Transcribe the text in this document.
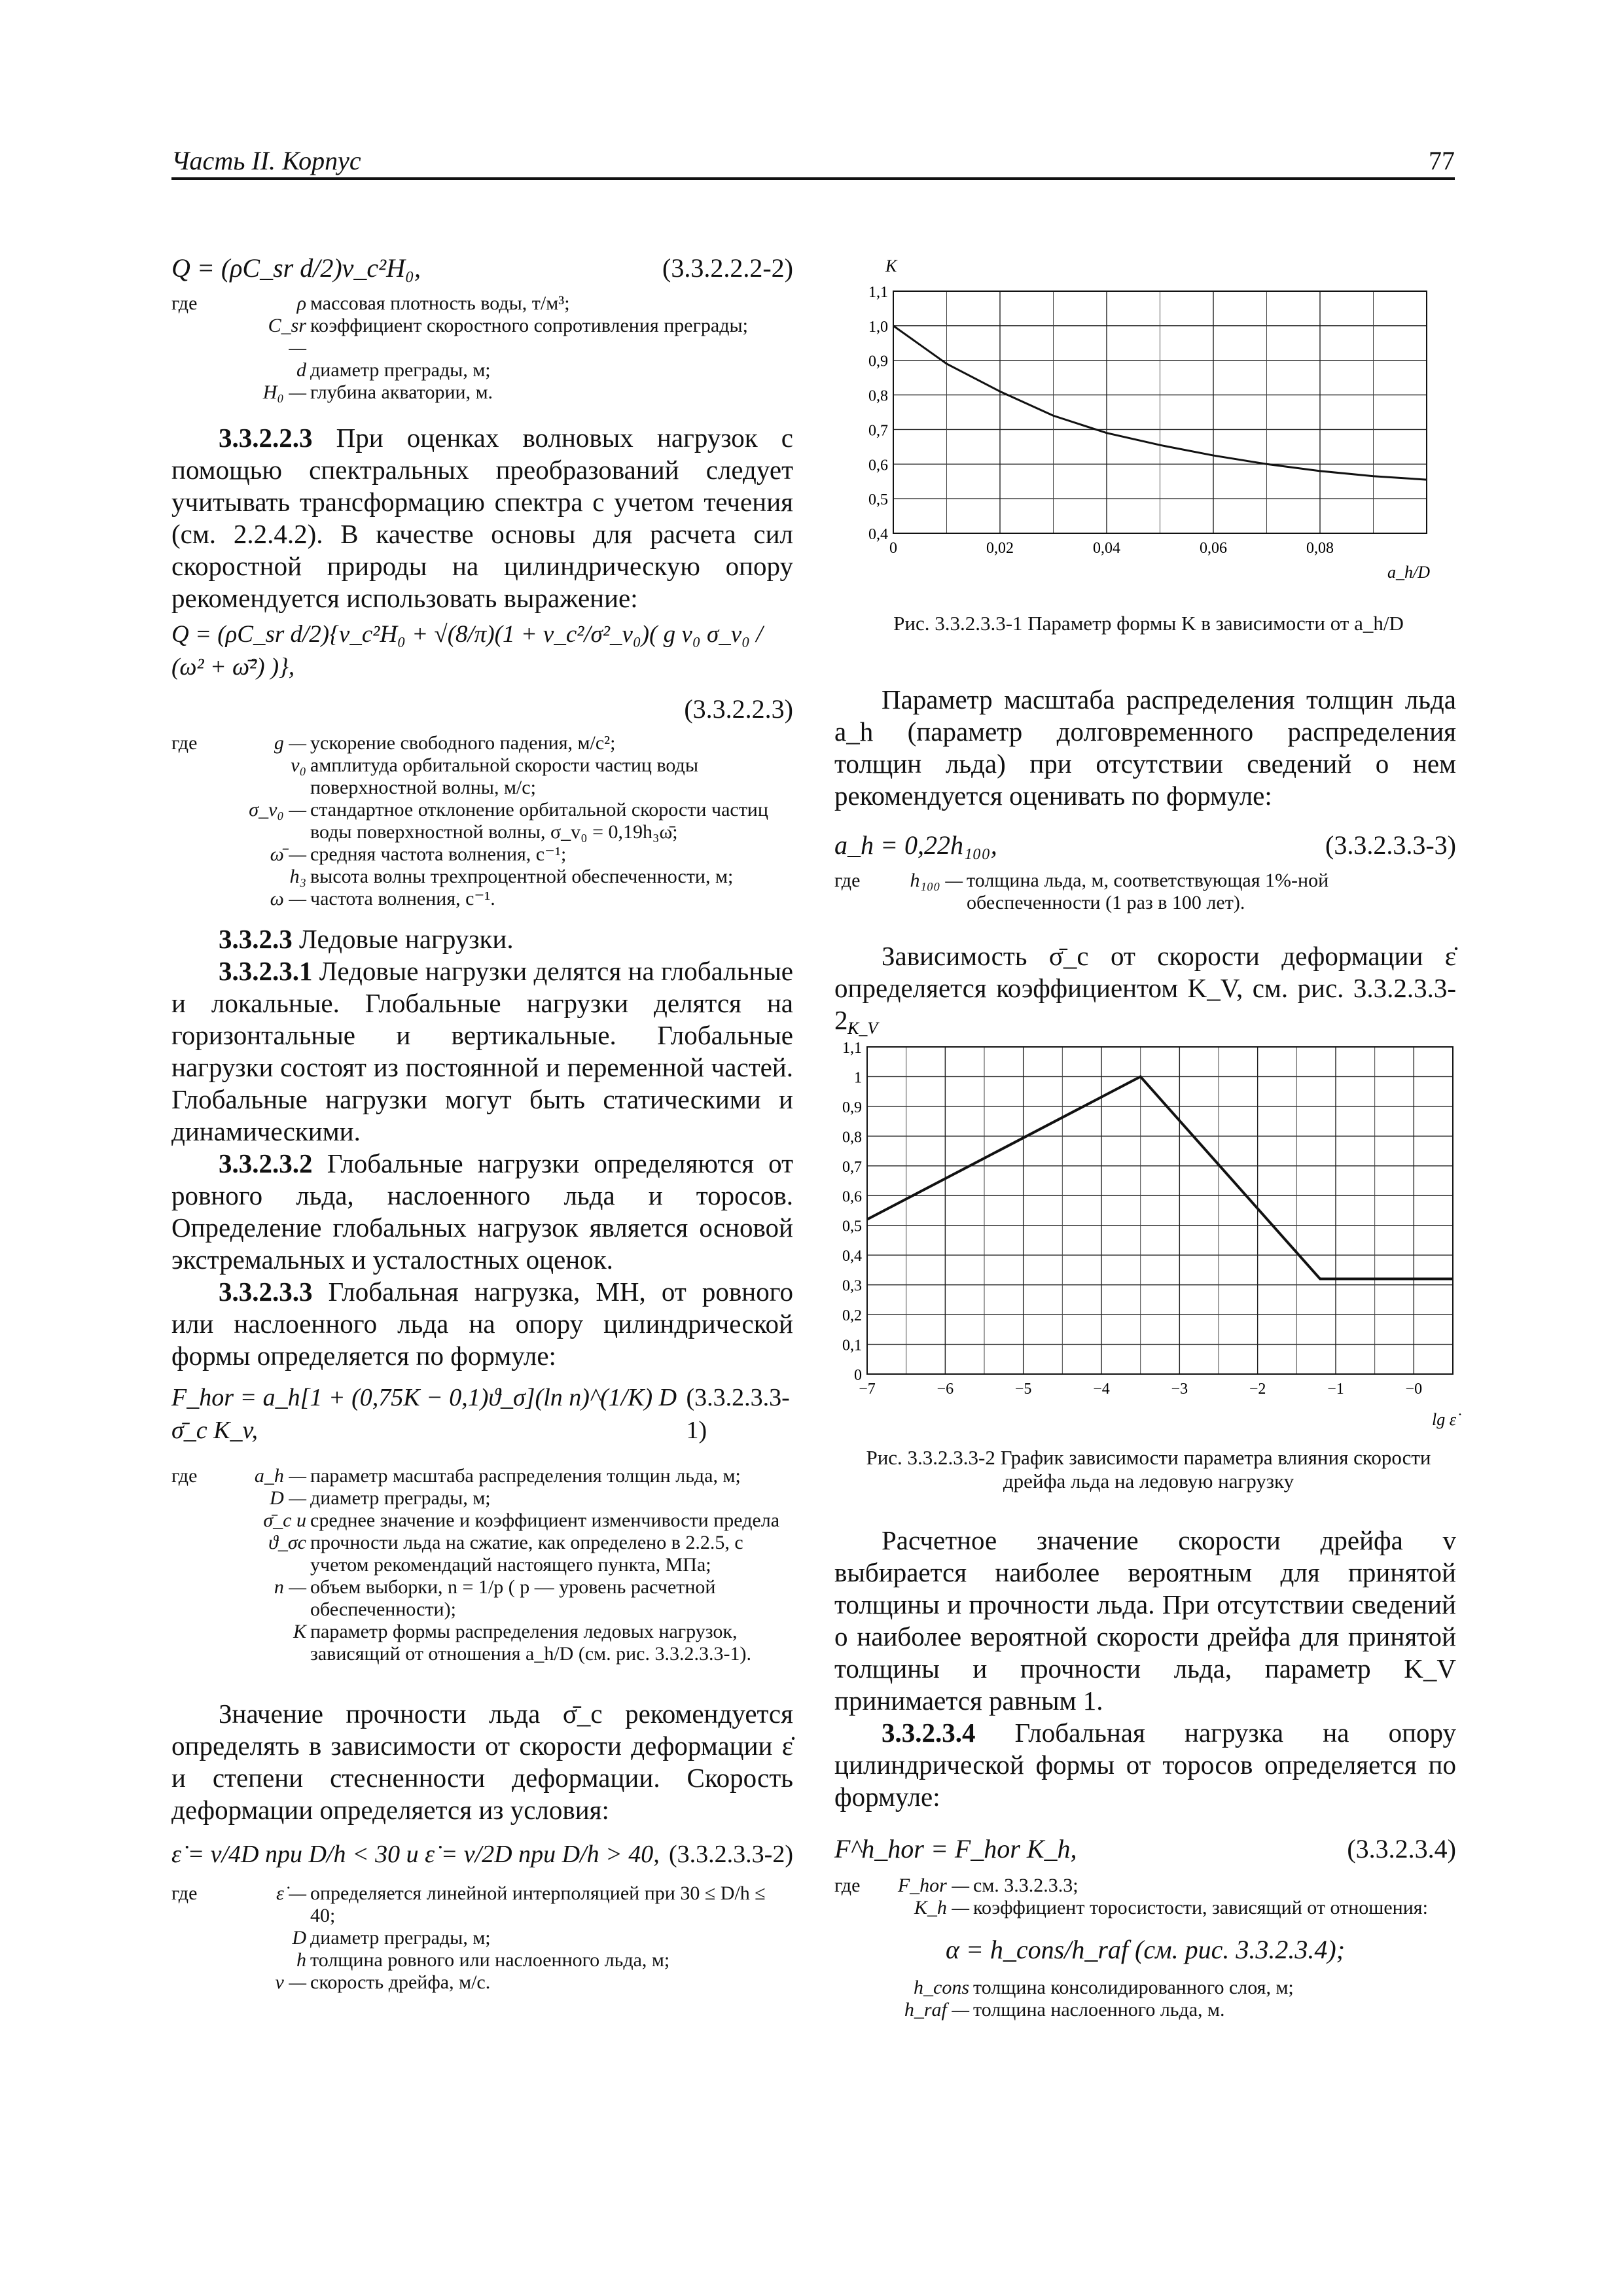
Часть II. Корпус	77
Q = (ρC_sr d/2)v_c²H₀,	(3.3.2.2.2-2)
где	ρ массовая плотность воды, т/м³;
C_sr —
коэффициент скоростного сопротивления преграды;
d диаметр преграды, м;
H₀ — глубина акватории, м.

3.3.2.2.3 При оценках волновых нагрузок с помощью спектральных преобразований следует учитывать трансформацию спектра с учетом течения (см. 2.2.4.2). В качестве основы для расчета сил скоростной природы на цилиндрическую опору рекомендуется использовать выражение:

Q = (ρC_sr d/2){v_c²H₀ + √(8/π)(1 + v_c²/σ²_v₀)( g v₀ σ_v₀ / (ω² + ω̄²) )},
(3.3.2.2.3)
где	g — ускорение свободного падения, м/с²;
v₀ амплитуда орбитальной скорости частиц воды поверхностной волны, м/с;
σ_v₀ — стандартное отклонение орбитальной скорости частиц воды поверхностной волны, σ_v₀ = 0,19h₃ω̄;
ω̄ — средняя частота волнения, с⁻¹;
h₃ высота волны трехпроцентной обеспеченности, м;
ω — частота волнения, с⁻¹.

3.3.2.3 Ледовые нагрузки.

3.3.2.3.1 Ледовые нагрузки делятся на глобальные и локальные. Глобальные нагрузки делятся на горизонтальные и вертикальные. Глобальные нагрузки состоят из постоянной и переменной частей. Глобальные нагрузки могут быть статическими и динамическими.

3.3.2.3.2 Глобальные нагрузки определяются от ровного льда, наслоенного льда и торосов. Определение глобальных нагрузок является основой экстремальных и усталостных оценок.

3.3.2.3.3 Глобальная нагрузка, МН, от ровного или наслоенного льда на опору цилиндрической формы определяется по формуле:

F_hor = a_h[1 + (0,75K − 0,1)ϑ_σ](ln n)^(1/K) D σ̄_c K_v,
(3.3.2.3.3-1)
где	a_h — параметр масштаба распределения толщин льда, м;
D — диаметр преграды, м;
σ̄_c и ϑ_σc
среднее значение и коэффициент изменчивости предела прочности льда на сжатие, как определено в 2.2.5, с учетом рекомендаций настоящего пункта, МПа;
n — объем выборки, n = 1/p ( p — уровень расчетной обеспеченности);
K параметр формы распределения ледовых нагрузок, зависящий от отношения a_h/D (см. рис. 3.3.2.3.3-1).

Значение прочности льда σ̄_c рекомендуется определять в зависимости от скорости деформации ε̇ и степени стесненности деформации. Скорость деформации определяется из условия:

ε̇ = v/4D при D/h < 30 и ε̇ = v/2D при D/h > 40, (3.3.2.3.3-2)
где	ε̇ — определяется линейной интерполяцией при 30 ≤ D/h ≤ 40;
D диаметр преграды, м;
h толщина ровного или наслоенного льда, м;
v — скорость дрейфа, м/с.
0,4
0,5
0,6
0,7
0,8
0,9
1,0
1,1
0	0,02	0,04	0,06	0,08
K
a_h/D
Рис. 3.3.2.3.3-1 Параметр формы K в зависимости от a_h/D

Параметр масштаба распределения толщин льда a_h (параметр долговременного распределения толщин льда) при отсутствии сведений о нем рекомендуется оценивать по формуле:

a_h = 0,22h₁₀₀,	(3.3.2.3.3-3)
где	h₁₀₀ — толщина льда, м, соответствующая 1%-ной обеспеченности (1 раз в 100 лет).

Зависимость σ̄_c от скорости деформации ε̇ определяется коэффициентом K_V, см. рис. 3.3.2.3.3-2.

0
0,1
0,2
0,3
0,4
0,5
0,6
0,7
0,8
0,9
1
1,1
−7	−6	−5	−4	−3	−2	−1	−0
K_V
lg ε̇
Рис. 3.3.2.3.3-2 График зависимости параметра влияния скорости дрейфа льда на ледовую нагрузку

Расчетное значение скорости дрейфа v выбирается наиболее вероятным для принятой толщины и прочности льда. При отсутствии сведений о наиболее вероятной скорости дрейфа для принятой толщины и прочности льда, параметр K_V принимается равным 1.

3.3.2.3.4 Глобальная нагрузка на опору цилиндрической формы от торосов определяется по формуле:

F^h_hor = F_hor K_h,	(3.3.2.3.4)
где	F_hor — см. 3.3.2.3.3;
K_h — коэффициент торосистости, зависящий от отношения:
α = h_cons/h_raf (см. рис. 3.3.2.3.4);
h_cons толщина консолидированного слоя, м;
h_raf — толщина наслоенного льда, м.
